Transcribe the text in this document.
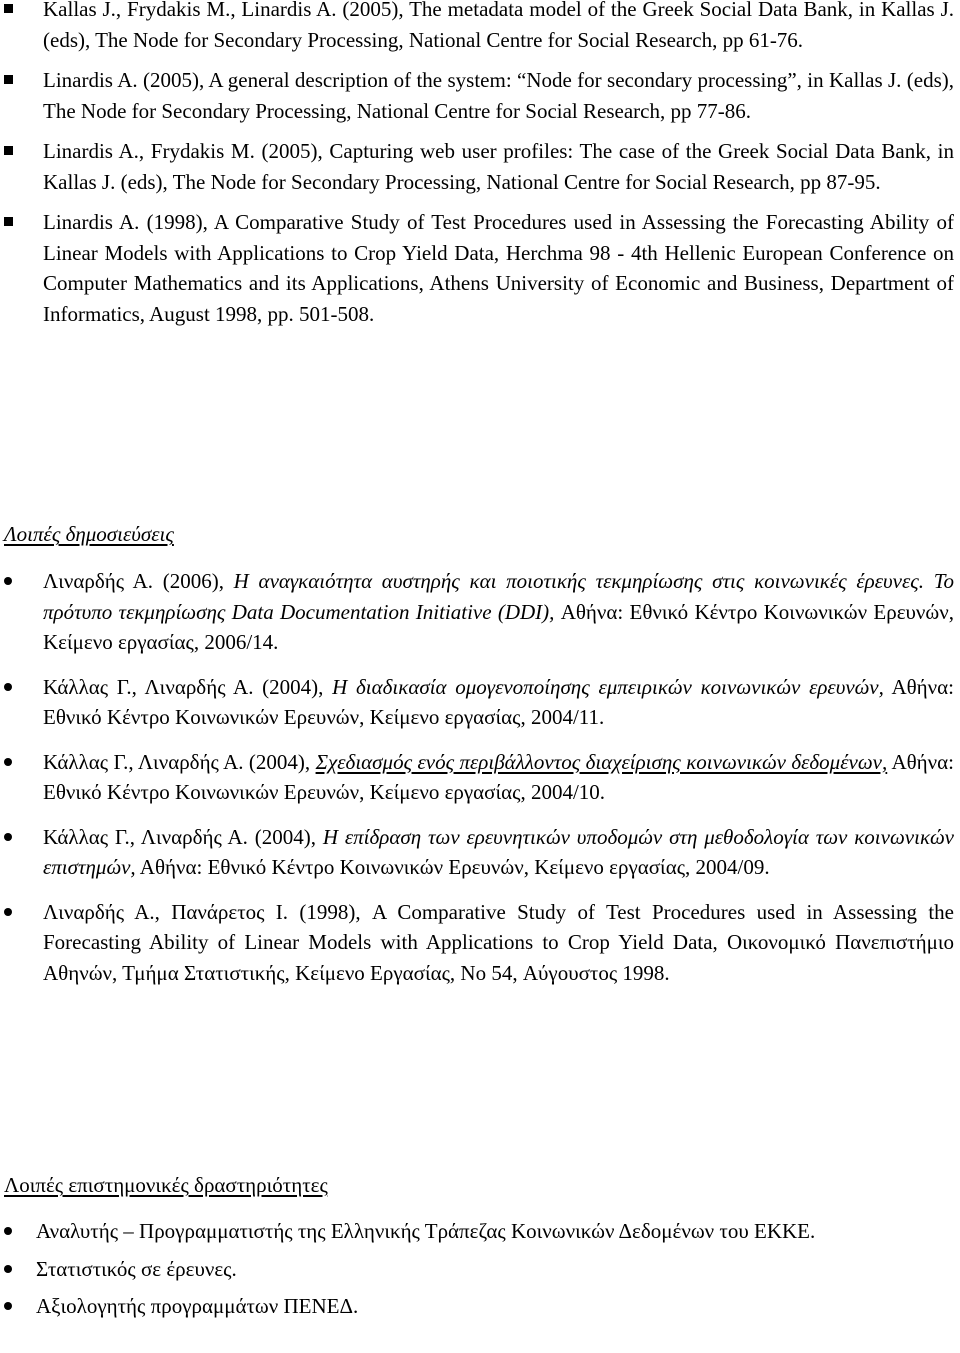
Kallas J., Frydakis M., Linardis A. (2005), The metadata model of the Greek Social Data Bank, in Kallas J. (eds), The Node for Secondary Processing, National Centre for Social Research, pp 61-76.
Linardis A. (2005), A general description of the system: “Node for secondary processing”, in Kallas J. (eds), The Node for Secondary Processing, National Centre for Social Research, pp 77-86.
Linardis A., Frydakis M. (2005), Capturing web user profiles: The case of the Greek Social Data Bank, in Kallas J. (eds), The Node for Secondary Processing, National Centre for Social Research, pp 87-95.
Linardis A. (1998), A Comparative Study of Test Procedures used in Assessing the Forecasting Ability of Linear Models with Applications to Crop Yield Data, Herchma 98 - 4th Hellenic European Conference on Computer Mathematics and its Applications, Athens University of Economic and Business, Department of Informatics, August 1998, pp. 501-508.
Λοιπές δημοσιεύσεις
Λιναρδής Α. (2006), Η αναγκαιότητα αυστηρής και ποιοτικής τεκμηρίωσης στις κοινωνικές έρευνες. Το πρότυπο τεκμηρίωσης Data Documentation Initiative (DDI), Αθήνα: Εθνικό Κέντρο Κοινωνικών Ερευνών, Κείμενο εργασίας, 2006/14.
Κάλλας Γ., Λιναρδής Α. (2004), Η διαδικασία ομογενοποίησης εμπειρικών κοινωνικών ερευνών, Αθήνα: Εθνικό Κέντρο Κοινωνικών Ερευνών, Κείμενο εργασίας, 2004/11.
Κάλλας Γ., Λιναρδής Α. (2004), Σχεδιασμός ενός περιβάλλοντος διαχείρισης κοινωνικών δεδομένων, Αθήνα: Εθνικό Κέντρο Κοινωνικών Ερευνών, Κείμενο εργασίας, 2004/10.
Κάλλας Γ., Λιναρδής Α. (2004), Η επίδραση των ερευνητικών υποδομών στη μεθοδολογία των κοινωνικών επιστημών, Αθήνα: Εθνικό Κέντρο Κοινωνικών Ερευνών, Κείμενο εργασίας, 2004/09.
Λιναρδής Α., Πανάρετος Ι. (1998), A Comparative Study of Test Procedures used in Assessing the Forecasting Ability of Linear Models with Applications to Crop Yield Data, Οικονομικό Πανεπιστήμιο Αθηνών, Τμήμα Στατιστικής, Κείμενο Εργασίας, No 54, Αύγουστος 1998.
Λοιπές επιστημονικές δραστηριότητες
Αναλυτής – Προγραμματιστής της Ελληνικής Τράπεζας Κοινωνικών Δεδομένων του ΕΚΚΕ.
Στατιστικός σε έρευνες.
Αξιολογητής προγραμμάτων ΠΕΝΕΔ.
